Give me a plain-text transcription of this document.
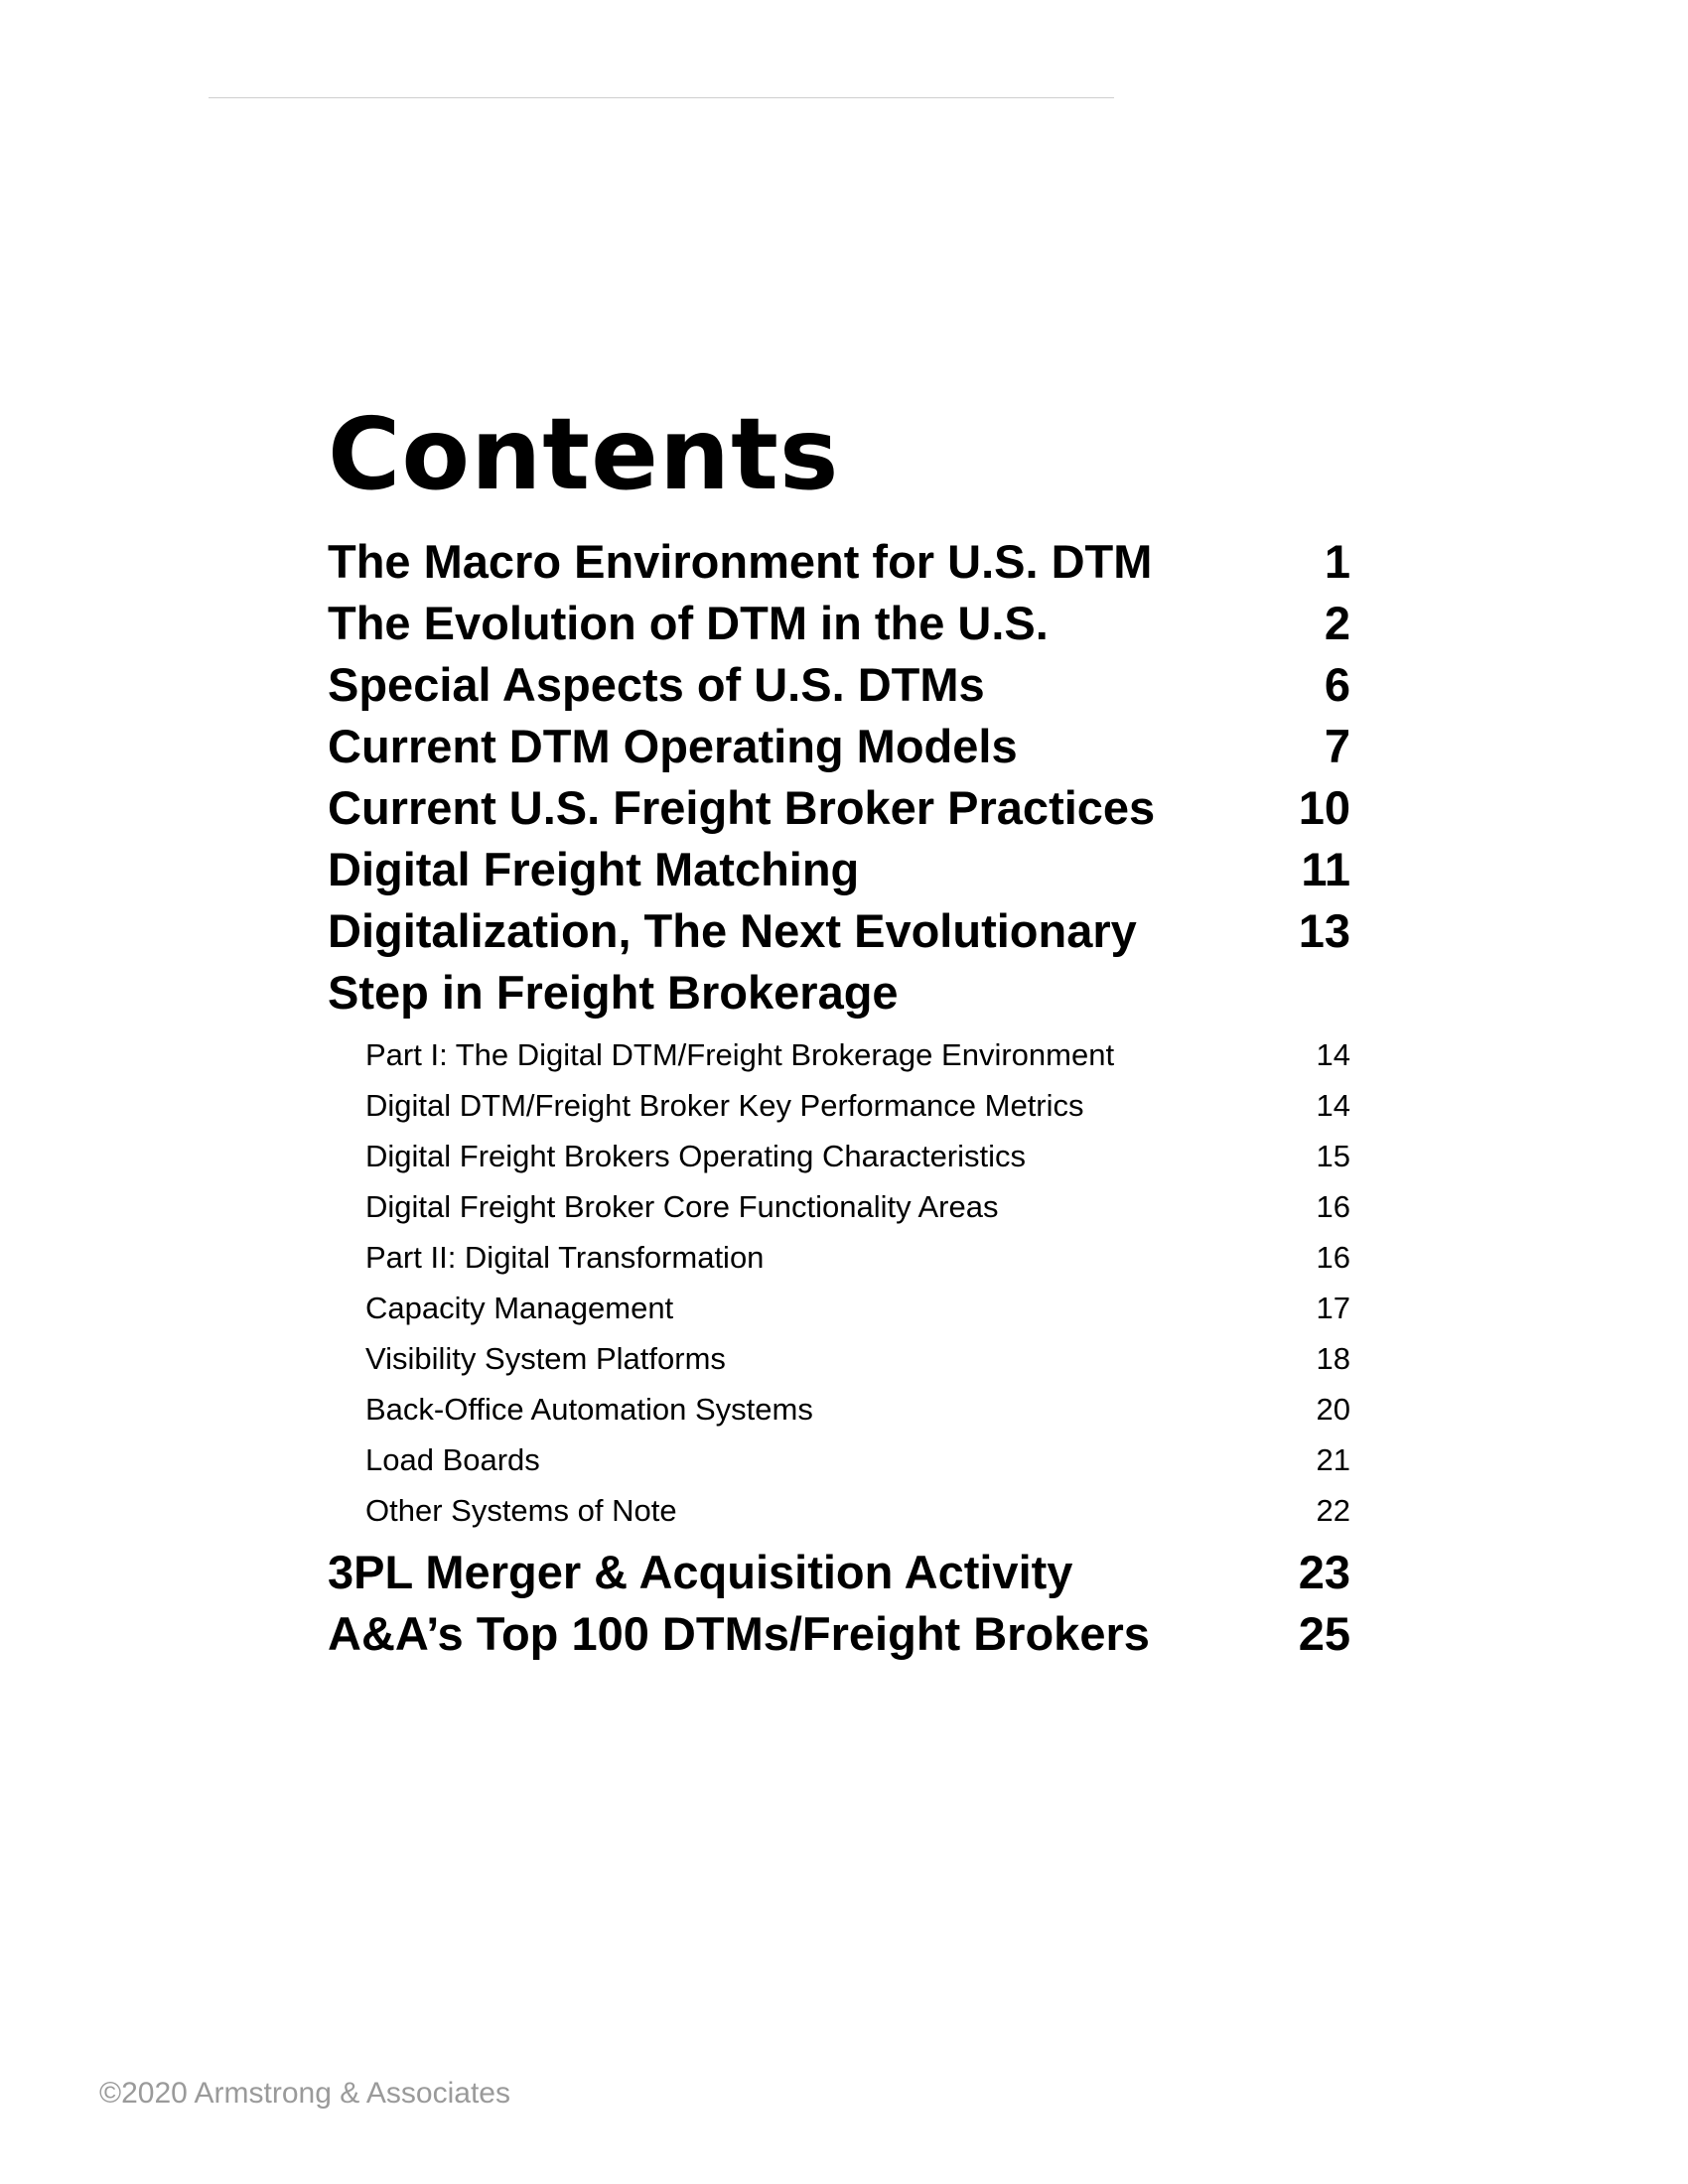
Contents
The Macro Environment for U.S. DTM	1
The Evolution of DTM in the U.S.	2
Special Aspects of U.S. DTMs	6
Current DTM Operating Models	7
Current U.S. Freight Broker Practices	10
Digital Freight Matching	11
Digitalization, The Next Evolutionary	13
Step in Freight Brokerage
Part I: The Digital DTM/Freight Brokerage Environment	14
Digital DTM/Freight Broker Key Performance Metrics	14
Digital Freight Brokers Operating Characteristics	15
Digital Freight Broker Core Functionality Areas	16
Part II: Digital Transformation	16
Capacity Management	17
Visibility System Platforms	18
Back-Office Automation Systems	20
Load Boards	21
Other Systems of Note	22
3PL Merger & Acquisition Activity	23
A&A’s Top 100 DTMs/Freight Brokers	25
©2020 Armstrong & Associates
